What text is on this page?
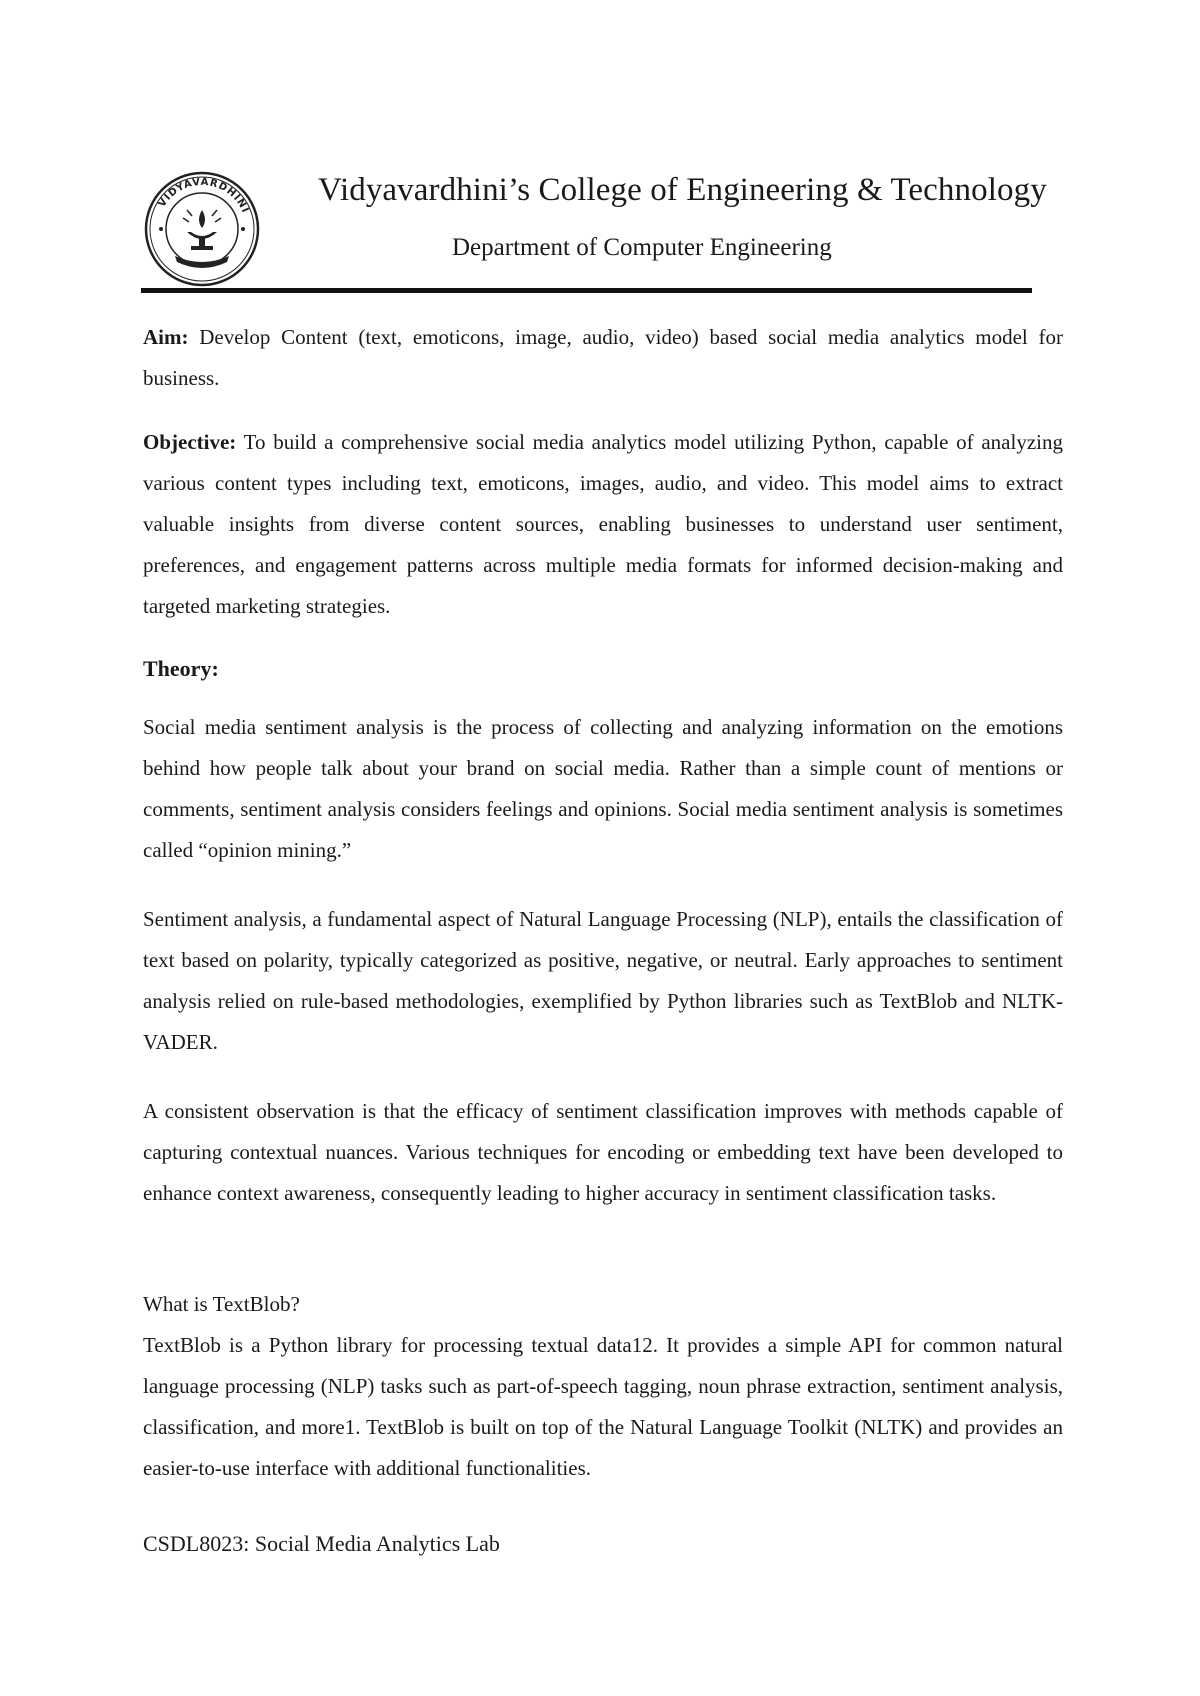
VIDYAVARDHINI
Vidyavardhini’s College of Engineering & Technology
Department of Computer Engineering
Aim: Develop Content (text, emoticons, image, audio, video) based social media analytics model for business.
Objective: To build a comprehensive social media analytics model utilizing Python, capable of analyzing various content types including text, emoticons, images, audio, and video. This model aims to extract valuable insights from diverse content sources, enabling businesses to understand user sentiment, preferences, and engagement patterns across multiple media formats for informed decision-making and targeted marketing strategies.
Theory:
Social media sentiment analysis is the process of collecting and analyzing information on the emotions behind how people talk about your brand on social media. Rather than a simple count of mentions or comments, sentiment analysis considers feelings and opinions. Social media sentiment analysis is sometimes called “opinion mining.”
Sentiment analysis, a fundamental aspect of Natural Language Processing (NLP), entails the classification of text based on polarity, typically categorized as positive, negative, or neutral. Early approaches to sentiment analysis relied on rule-based methodologies, exemplified by Python libraries such as TextBlob and NLTK-VADER.
A consistent observation is that the efficacy of sentiment classification improves with methods capable of capturing contextual nuances. Various techniques for encoding or embedding text have been developed to enhance context awareness, consequently leading to higher accuracy in sentiment classification tasks.
What is TextBlob?
TextBlob is a Python library for processing textual data12. It provides a simple API for common natural language processing (NLP) tasks such as part-of-speech tagging, noun phrase extraction, sentiment analysis, classification, and more1. TextBlob is built on top of the Natural Language Toolkit (NLTK) and provides an easier-to-use interface with additional functionalities.
CSDL8023: Social Media Analytics Lab
